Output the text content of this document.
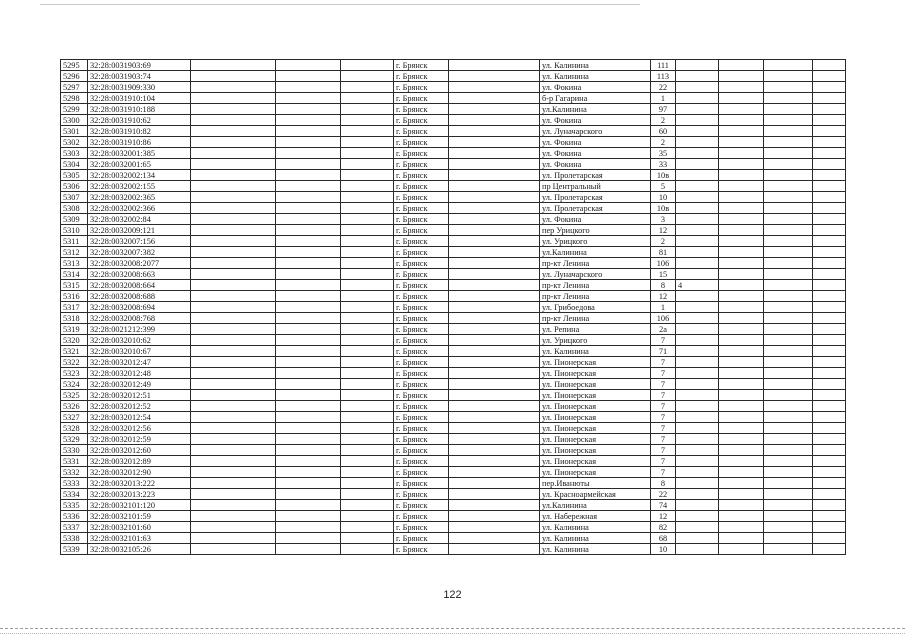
5295	32:28:0031903:69				г. Брянск		ул. Калинина	111				
5296	32:28:0031903:74				г. Брянск		ул. Калинина	113				
5297	32:28:0031909:330				г. Брянск		ул. Фокина	22				
5298	32:28:0031910:104				г. Брянск		б-р Гагарина	1				
5299	32:28:0031910:188				г. Брянск		ул.Калинина	97				
5300	32:28:0031910:62				г. Брянск		ул. Фокина	2				
5301	32:28:0031910:82				г. Брянск		ул. Луначарского	60				
5302	32:28:0031910:86				г. Брянск		ул. Фокина	2				
5303	32:28:0032001:385				г. Брянск		ул. Фокина	35				
5304	32:28:0032001:65				г. Брянск		ул. Фокина	33				
5305	32:28:0032002:134				г. Брянск		ул. Пролетарская	10в				
5306	32:28:0032002:155				г. Брянск		пр Центральный	5				
5307	32:28:0032002:365				г. Брянск		ул. Пролетарская	10				
5308	32:28:0032002:366				г. Брянск		ул. Пролетарская	10в				
5309	32:28:0032002:84				г. Брянск		ул. Фокина	3				
5310	32:28:0032009:121				г. Брянск		пер Урицкого	12				
5311	32:28:0032007:156				г. Брянск		ул. Урицкого	2				
5312	32:28:0032007:382				г. Брянск		ул.Калинина	81				
5313	32:28:0032008:2077				г. Брянск		пр-кт Ленина	106				
5314	32:28:0032008:663				г. Брянск		ул. Луначарского	15				
5315	32:28:0032008:664				г. Брянск		пр-кт Ленина	8	4			
5316	32:28:0032008:688				г. Брянск		пр-кт Ленина	12				
5317	32:28:0032008:694				г. Брянск		ул. Грибоедова	1				
5318	32:28:0032008:768				г. Брянск		пр-кт Ленина	106				
5319	32:28:0021212:399				г. Брянск		ул. Репина	2а				
5320	32:28:0032010:62				г. Брянск		ул. Урицкого	7				
5321	32:28:0032010:67				г. Брянск		ул. Калинина	71				
5322	32:28:0032012:47				г. Брянск		ул. Пионерская	7				
5323	32:28:0032012:48				г. Брянск		ул. Пионерская	7				
5324	32:28:0032012:49				г. Брянск		ул. Пионерская	7				
5325	32:28:0032012:51				г. Брянск		ул. Пионерская	7				
5326	32:28:0032012:52				г. Брянск		ул. Пионерская	7				
5327	32:28:0032012:54				г. Брянск		ул. Пионерская	7				
5328	32:28:0032012:56				г. Брянск		ул. Пионерская	7				
5329	32:28:0032012:59				г. Брянск		ул. Пионерская	7				
5330	32:28:0032012:60				г. Брянск		ул. Пионерская	7				
5331	32:28:0032012:89				г. Брянск		ул. Пионерская	7				
5332	32:28:0032012:90				г. Брянск		ул. Пионерская	7				
5333	32:28:0032013:222				г. Брянск		пер.Иванюты	8				
5334	32:28:0032013:223				г. Брянск		ул. Красноармейская	22				
5335	32:28:0032101:120				г. Брянск		ул.Калинина	74				
5336	32:28:0032101:59				г. Брянск		ул. Набережная	12				
5337	32:28:0032101:60				г. Брянск		ул. Калинина	82				
5338	32:28:0032101:63				г. Брянск		ул. Калинина	68				
5339	32:28:0032105:26				г. Брянск		ул. Калинина	10				
122
